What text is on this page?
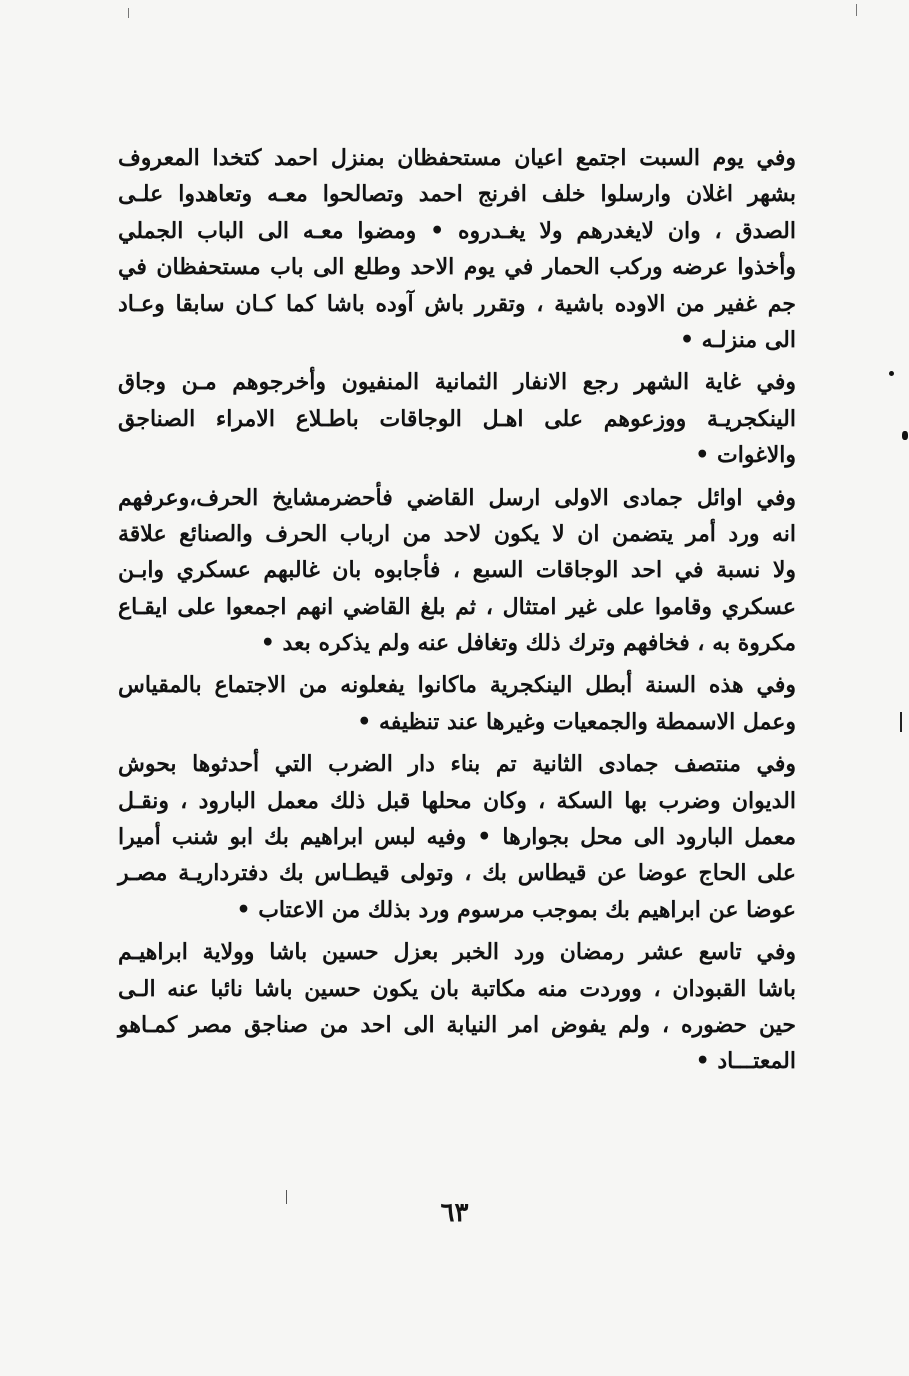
وفي يوم السبت اجتمع اعيان مستحفظان بمنزل احمد كتخدا المعروف
بشهر اغلان وارسلوا خلف افرنج احمد وتصالحوا معـه وتعاهدوا علـى
الصدق ، وان لايغدرهم ولا يغـدروه • ومضوا معـه الى الباب الجملي
وأخذوا عرضه وركب الحمار في يوم الاحد وطلع الى باب مستحفظان في
جم غفير من الاوده باشية ، وتقرر باش آوده باشا كما كـان سابقا وعـاد
الى منزلـه •
وفي غاية الشهر رجع الانفار الثمانية المنفيون وأخرجوهم مـن وجاق
الينكجريـة ووزعوهم على اهـل الوجاقات باطـلاع الامراء الصناجق
والاغوات •
وفي اوائل جمادى الاولى ارسل القاضي فأحضرمشايخ الحرف،وعرفهم
انه ورد أمر يتضمن ان لا يكون لاحد من ارباب الحرف والصنائع علاقة
ولا نسبة في احد الوجاقات السبع ، فأجابوه بان غالبهم عسكري وابـن
عسكري وقاموا على غير امتثال ، ثم بلغ القاضي انهم اجمعوا على ايقـاع
مكروة به ، فخافهم وترك ذلك وتغافل عنه ولم يذكره بعد •
وفي هذه السنة أبطل الينكجرية ماكانوا يفعلونه من الاجتماع بالمقياس
وعمل الاسمطة والجمعيات وغيرها عند تنظيفه •
وفي منتصف جمادى الثانية تم بناء دار الضرب التي أحدثوها بحوش
الديوان وضرب بها السكة ، وكان محلها قبل ذلك معمل البارود ، ونقـل
معمل البارود الى محل بجوارها • وفيه لبس ابراهيم بك ابو شنب أميرا
على الحاج عوضا عن قيطاس بك ، وتولى قيطـاس بك دفترداريـة مصـر
عوضا عن ابراهيم بك بموجب مرسوم ورد بذلك من الاعتاب •
وفي تاسع عشر رمضان ورد الخبر بعزل حسين باشا وولاية ابراهيـم
باشا القبودان ، ووردت منه مكاتبة بان يكون حسين باشا نائبا عنه الـى
حين حضوره ، ولم يفوض امر النيابة الى احد من صناجق مصر كمـاهو
المعتـــاد •
٦٣
